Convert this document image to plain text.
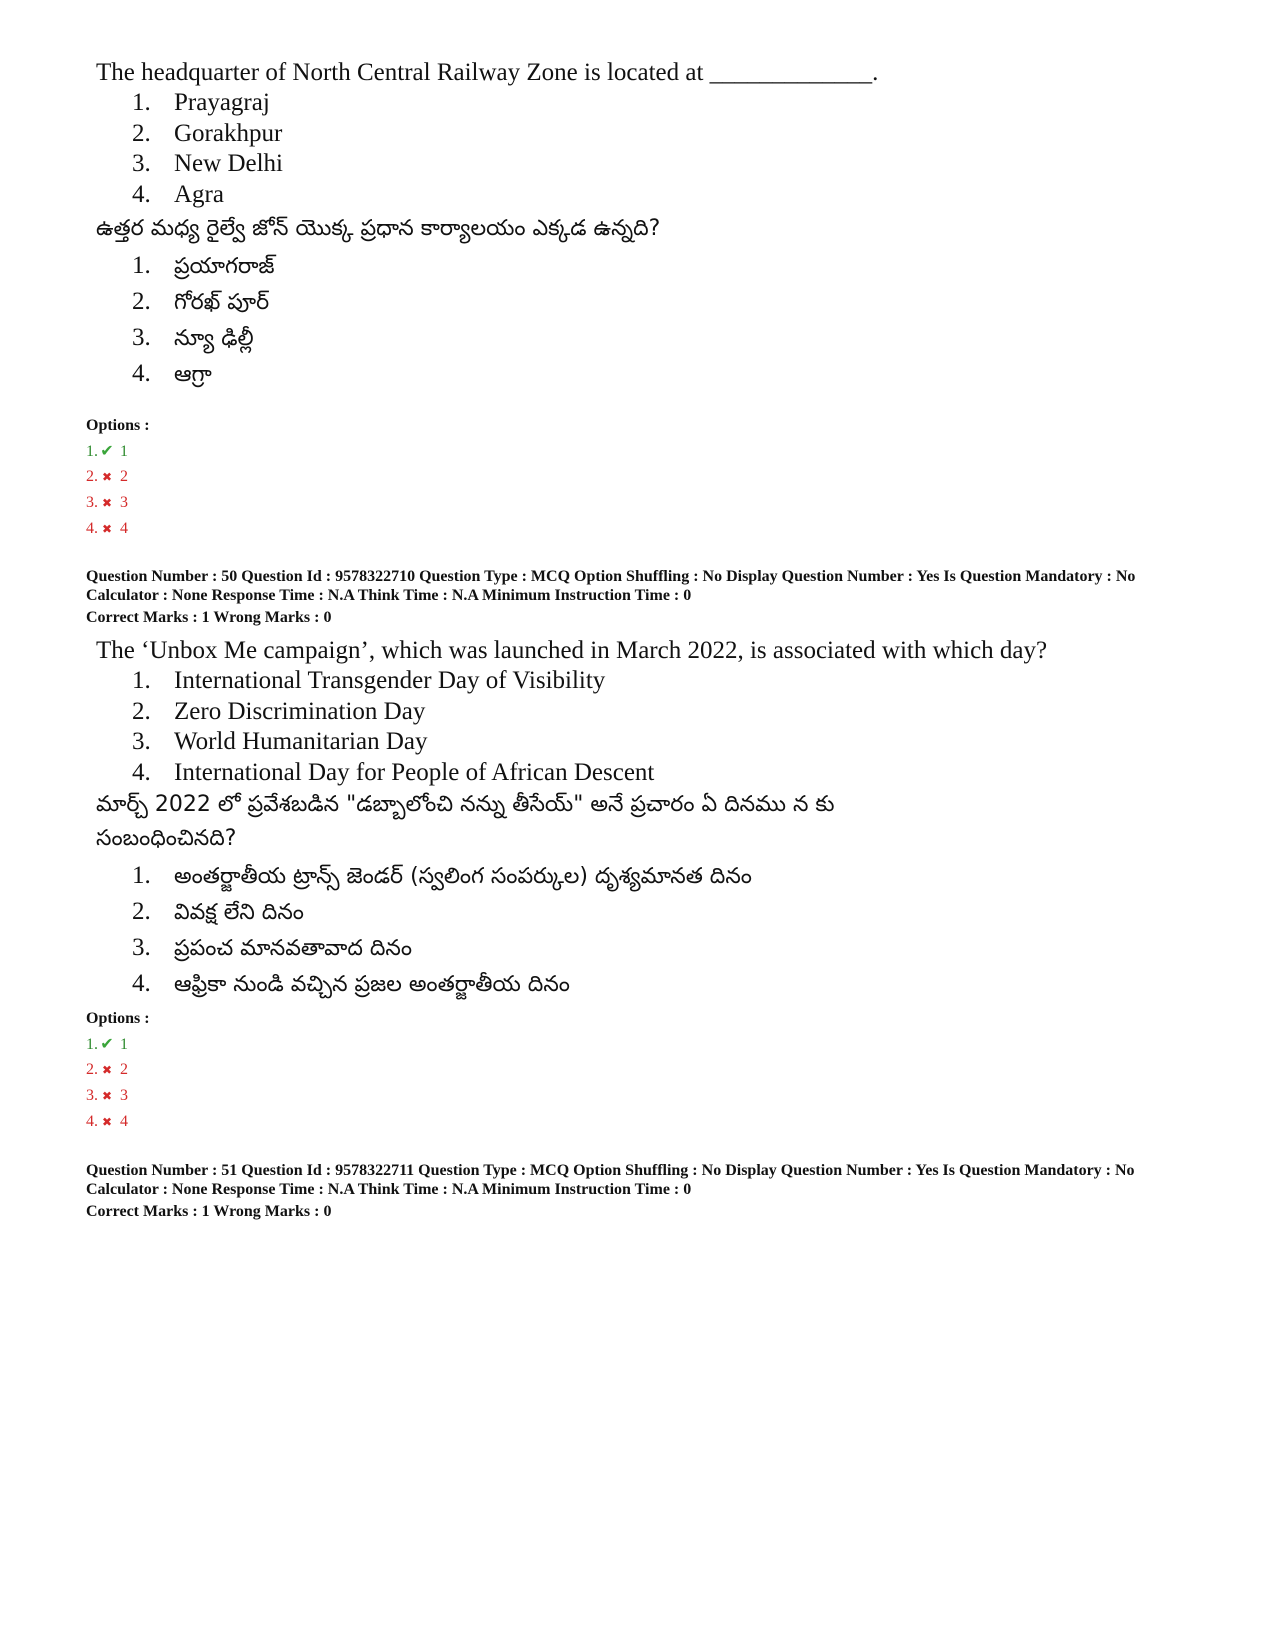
The headquarter of North Central Railway Zone is located at _____________.
1. Prayagraj
2. Gorakhpur
3. New Delhi
4. Agra
ఉత్తర మధ్య రైల్వే జోన్ యొక్క ప్రధాన కార్యాలయం ఎక్కడ ఉన్నది?
1. ప్రయాగరాజ్
2. గోరఖ్ పూర్
3. న్యూ ఢిల్లీ
4. ఆగ్రా
Options :
1. ✔ 1
2. ✖ 2
3. ✖ 3
4. ✖ 4
Question Number : 50 Question Id : 9578322710 Question Type : MCQ Option Shuffling : No Display Question Number : Yes Is Question Mandatory : No
Calculator : None Response Time : N.A Think Time : N.A Minimum Instruction Time : 0
Correct Marks : 1 Wrong Marks : 0
The ‘Unbox Me campaign’, which was launched in March 2022, is associated with which day?
1. International Transgender Day of Visibility
2. Zero Discrimination Day
3. World Humanitarian Day
4. International Day for People of African Descent
మార్చ్ 2022 లో ప్రవేశబడిన "డబ్బాలోంచి నన్ను తీసేయ్" అనే ప్రచారం ఏ దినము న కు
సంబంధించినది?
1. అంతర్జాతీయ ట్రాన్స్ జెండర్ (స్వలింగ సంపర్కుల) దృశ్యమానత దినం
2. వివక్ష లేని దినం
3. ప్రపంచ మానవతావాద దినం
4. ఆఫ్రికా నుండి వచ్చిన ప్రజల అంతర్జాతీయ దినం
Options :
1. ✔ 1
2. ✖ 2
3. ✖ 3
4. ✖ 4
Question Number : 51 Question Id : 9578322711 Question Type : MCQ Option Shuffling : No Display Question Number : Yes Is Question Mandatory : No
Calculator : None Response Time : N.A Think Time : N.A Minimum Instruction Time : 0
Correct Marks : 1 Wrong Marks : 0
